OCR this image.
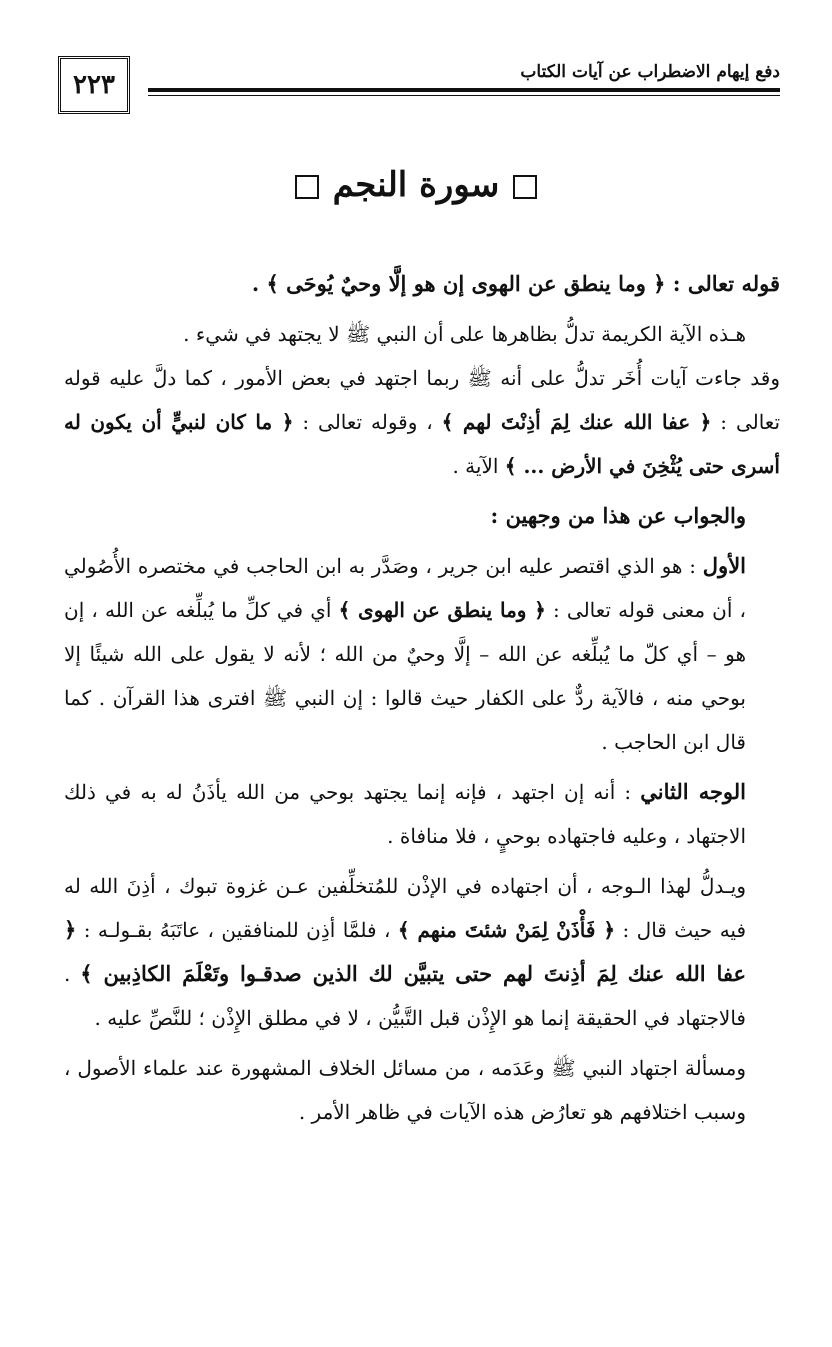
٢٢٣	دفع إيهام الاضطراب عن آيات الكتاب
سورة النجم

قوله تعالى : ﴿ وما ينطق عن الهوى إن هو إلَّا وحيٌ يُوحَى ﴾ .

هـذه الآية الكريمة تدلُّ بظاهرها على أن النبي ﷺ لا يجتهد في شيء .
وقد جاءت آيات أُخَر تدلُّ على أنه ﷺ ربما اجتهد في بعض الأمور ، كما دلَّ عليه قوله تعالى : ﴿ عفا الله عنك لِمَ أذِنْتَ لهم ﴾ ، وقوله تعالى : ﴿ ما كان لنبيٍّ أن يكون له أسرى حتى يُثْخِنَ في الأرض ... ﴾ الآية .

والجواب عن هذا من وجهين :

الأول : هو الذي اقتصر عليه ابن جرير ، وصَدَّر به ابن الحاجب في مختصره الأُصُولي ، أن معنى قوله تعالى : ﴿ وما ينطق عن الهوى ﴾ أي في كلِّ ما يُبلِّغه عن الله ، إن هو – أي كلّ ما يُبلِّغه عن الله – إلَّا وحيٌ من الله ؛ لأنه لا يقول على الله شيئًا إلا بوحي منه ، فالآية ردٌّ على الكفار حيث قالوا : إن النبي ﷺ افترى هذا القرآن . كما قال ابن الحاجب .

الوجه الثاني : أنه إن اجتهد ، فإنه إنما يجتهد بوحي من الله يأذَنُ له به في ذلك الاجتهاد ، وعليه فاجتهاده بوحيٍ ، فلا منافاة .

ويـدلُّ لهذا الـوجه ، أن اجتهاده في الإذْن للمُتخلِّفين عـن غزوة تبوك ، أذِنَ الله له فيه حيث قال : ﴿ فَأْذَنْ لِمَنْ شئتَ منهم ﴾ ، فلمَّا أذِن للمنافقين ، عاتَبَهُ بقـولـه : ﴿ عفا الله عنك لِمَ أذِنتَ لهم حتى يتبيَّن لك الذين صدقـوا وتَعْلَمَ الكاذِبين ﴾ . فالاجتهاد في الحقيقة إنما هو الإِذْن قبل التَّبيُّن ، لا في مطلق الإِذْن ؛ للنَّصِّ عليه .

ومسألة اجتهاد النبي ﷺ وعَدَمه ، من مسائل الخلاف المشهورة عند علماء الأصول ، وسبب اختلافهم هو تعارُض هذه الآيات في ظاهر الأمر .
